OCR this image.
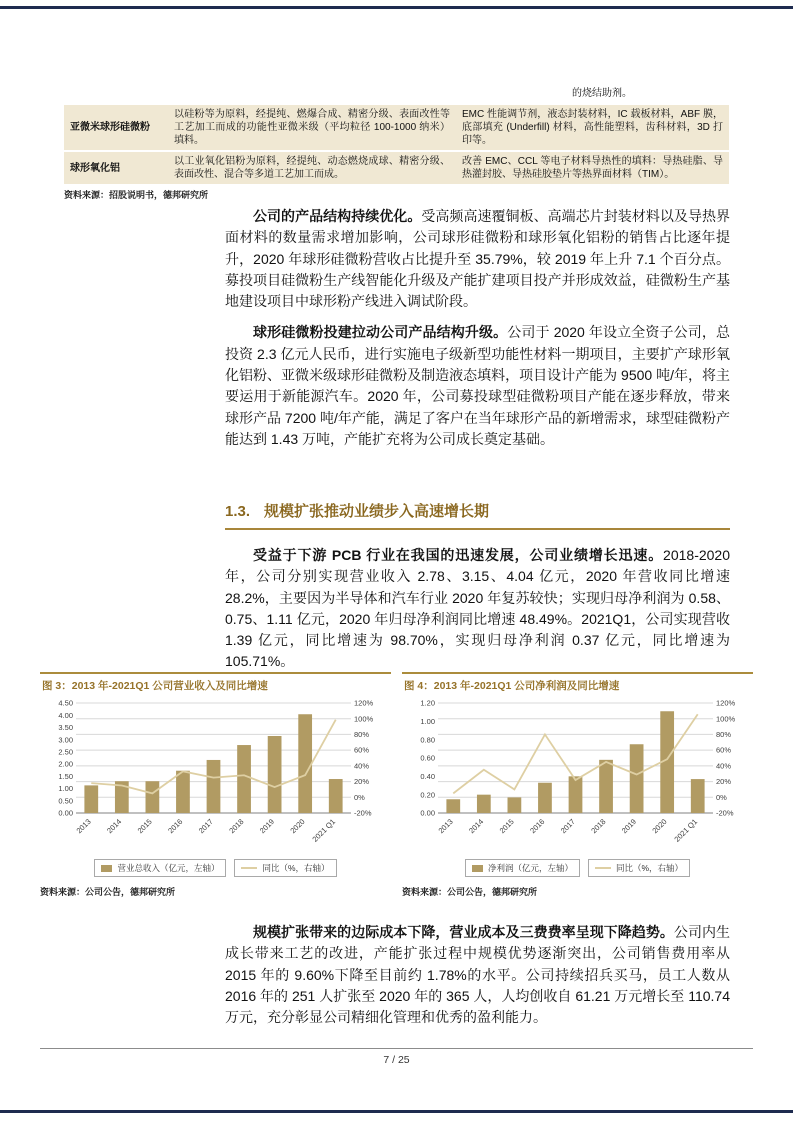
的烧结助剂。
亚微米球形硅微粉
以硅粉等为原料，经提纯、燃爆合成、精密分级、表面改性等工艺加工而成的功能性亚微米级（平均粒径 100-1000 纳米）填料。
EMC 性能调节剂，液态封装材料，IC 载板材料，ABF 膜，底部填充 (Underfill) 材料，高性能塑料，齿科材料，3D 打印等。
球形氧化铝
以工业氧化铝粉为原料，经提纯、动态燃烧成球、精密分级、表面改性、混合等多道工艺加工而成。
改善 EMC、CCL 等电子材料导热性的填料：导热硅脂、导热灌封胶、导热硅胶垫片等热界面材料（TIM）。
资料来源：招股说明书，德邦研究所

公司的产品结构持续优化。受高频高速覆铜板、高端芯片封装材料以及导热界面材料的数量需求增加影响，公司球形硅微粉和球形氧化铝粉的销售占比逐年提升，2020 年球形硅微粉营收占比提升至 35.79%，较 2019 年上升 7.1 个百分点。募投项目硅微粉生产线智能化升级及产能扩建项目投产并形成效益，硅微粉生产基地建设项目中球形粉产线进入调试阶段。

球形硅微粉投建拉动公司产品结构升级。公司于 2020 年设立全资子公司，总投资 2.3 亿元人民币，进行实施电子级新型功能性材料一期项目，主要扩产球形氧化铝粉、亚微米级球形硅微粉及制造液态填料，项目设计产能为 9500 吨/年，将主要运用于新能源汽车。2020 年，公司募投球型硅微粉项目产能在逐步释放，带来球形产品 7200 吨/年产能，满足了客户在当年球形产品的新增需求，球型硅微粉产能达到 1.43 万吨，产能扩充将为公司成长奠定基础。

1.3. 规模扩张推动业绩步入高速增长期

受益于下游 PCB 行业在我国的迅速发展，公司业绩增长迅速。2018-2020 年，公司分别实现营业收入 2.78、3.15、4.04 亿元，2020 年营收同比增速 28.2%，主要因为半导体和汽车行业 2020 年复苏较快；实现归母净利润为 0.58、0.75、1.11 亿元，2020 年归母净利润同比增速 48.49%。2021Q1，公司实现营收 1.39 亿元，同比增速为 98.70%，实现归母净利润 0.37 亿元，同比增速为 105.71%。

图 3：2013 年-2021Q1 公司营业收入及同比增速
-20%
0%
20%
40%
60%
80%
100%
120%
0.00
0.50
1.00
1.50
2.00
2.50
3.00
3.50
4.00
4.50
2013 2014 2015 2016 2017 2018 2019 2020 2021 Q1
营业总收入（亿元，左轴）	同比（%，右轴）
资料来源：公司公告，德邦研究所
图 4：2013 年-2021Q1 公司净利润及同比增速
-20%
0%
20%
40%
60%
80%
100%
120%
0.00
0.20
0.40
0.60
0.80
1.00
1.20
2013 2014 2015 2016 2017 2018 2019 2020 2021 Q1
净利润（亿元，左轴）	同比（%，右轴）
资料来源：公司公告，德邦研究所

规模扩张带来的边际成本下降，营业成本及三费费率呈现下降趋势。公司内生成长带来工艺的改进，产能扩张过程中规模优势逐渐突出，公司销售费用率从 2015 年的 9.60%下降至目前约 1.78%的水平。公司持续招兵买马，员工人数从 2016 年的 251 人扩张至 2020 年的 365 人，人均创收自 61.21 万元增长至 110.74 万元，充分彰显公司精细化管理和优秀的盈利能力。

7 / 25
